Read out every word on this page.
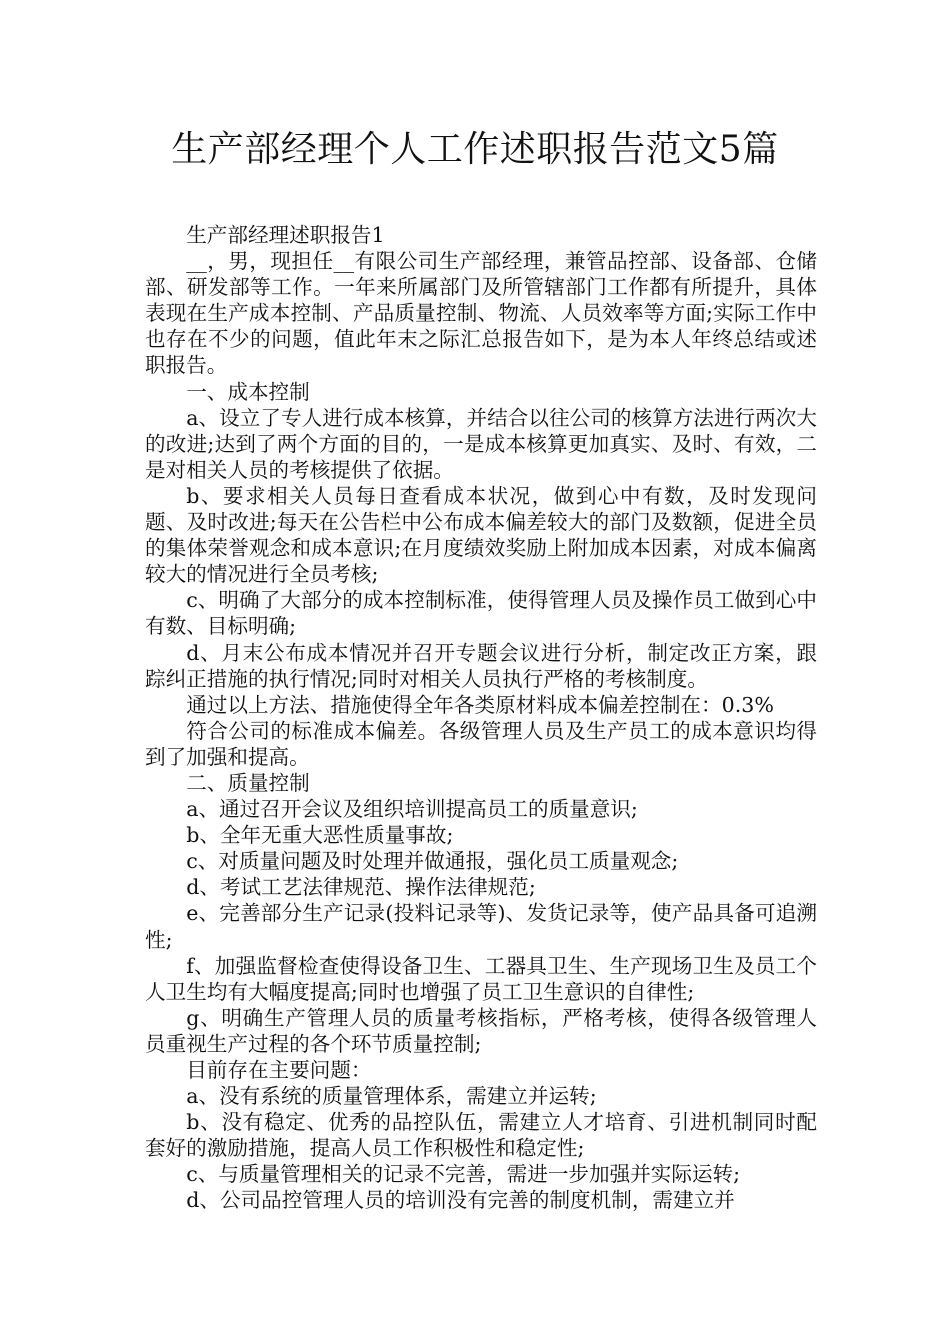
生产部经理个人工作述职报告范文5篇

生产部经理述职报告1

__，男，现担任__有限公司生产部经理，兼管品控部、设备部、仓储部、研发部等工作。一年来所属部门及所管辖部门工作都有所提升，具体表现在生产成本控制、产品质量控制、物流、人员效率等方面;实际工作中也存在不少的问题，值此年末之际汇总报告如下，是为本人年终总结或述职报告。

一、成本控制

a、设立了专人进行成本核算，并结合以往公司的核算方法进行两次大的改进;达到了两个方面的目的，一是成本核算更加真实、及时、有效，二是对相关人员的考核提供了依据。

b、要求相关人员每日查看成本状况，做到心中有数，及时发现问题、及时改进;每天在公告栏中公布成本偏差较大的部门及数额，促进全员的集体荣誉观念和成本意识;在月度绩效奖励上附加成本因素，对成本偏离较大的情况进行全员考核;

c、明确了大部分的成本控制标准，使得管理人员及操作员工做到心中有数、目标明确;

d、月末公布成本情况并召开专题会议进行分析，制定改正方案，跟踪纠正措施的执行情况;同时对相关人员执行严格的考核制度。

通过以上方法、措施使得全年各类原材料成本偏差控制在：0.3%

符合公司的标准成本偏差。各级管理人员及生产员工的成本意识均得到了加强和提高。

二、质量控制

a、通过召开会议及组织培训提高员工的质量意识;

b、全年无重大恶性质量事故;

c、对质量问题及时处理并做通报，强化员工质量观念;

d、考试工艺法律规范、操作法律规范;

e、完善部分生产记录(投料记录等)、发货记录等，使产品具备可追溯性;

f、加强监督检查使得设备卫生、工器具卫生、生产现场卫生及员工个人卫生均有大幅度提高;同时也增强了员工卫生意识的自律性;

g、明确生产管理人员的质量考核指标，严格考核，使得各级管理人员重视生产过程的各个环节质量控制;

目前存在主要问题：

a、没有系统的质量管理体系，需建立并运转;

b、没有稳定、优秀的品控队伍，需建立人才培育、引进机制同时配套好的激励措施，提高人员工作积极性和稳定性;

c、与质量管理相关的记录不完善，需进一步加强并实际运转;

d、公司品控管理人员的培训没有完善的制度机制，需建立并
